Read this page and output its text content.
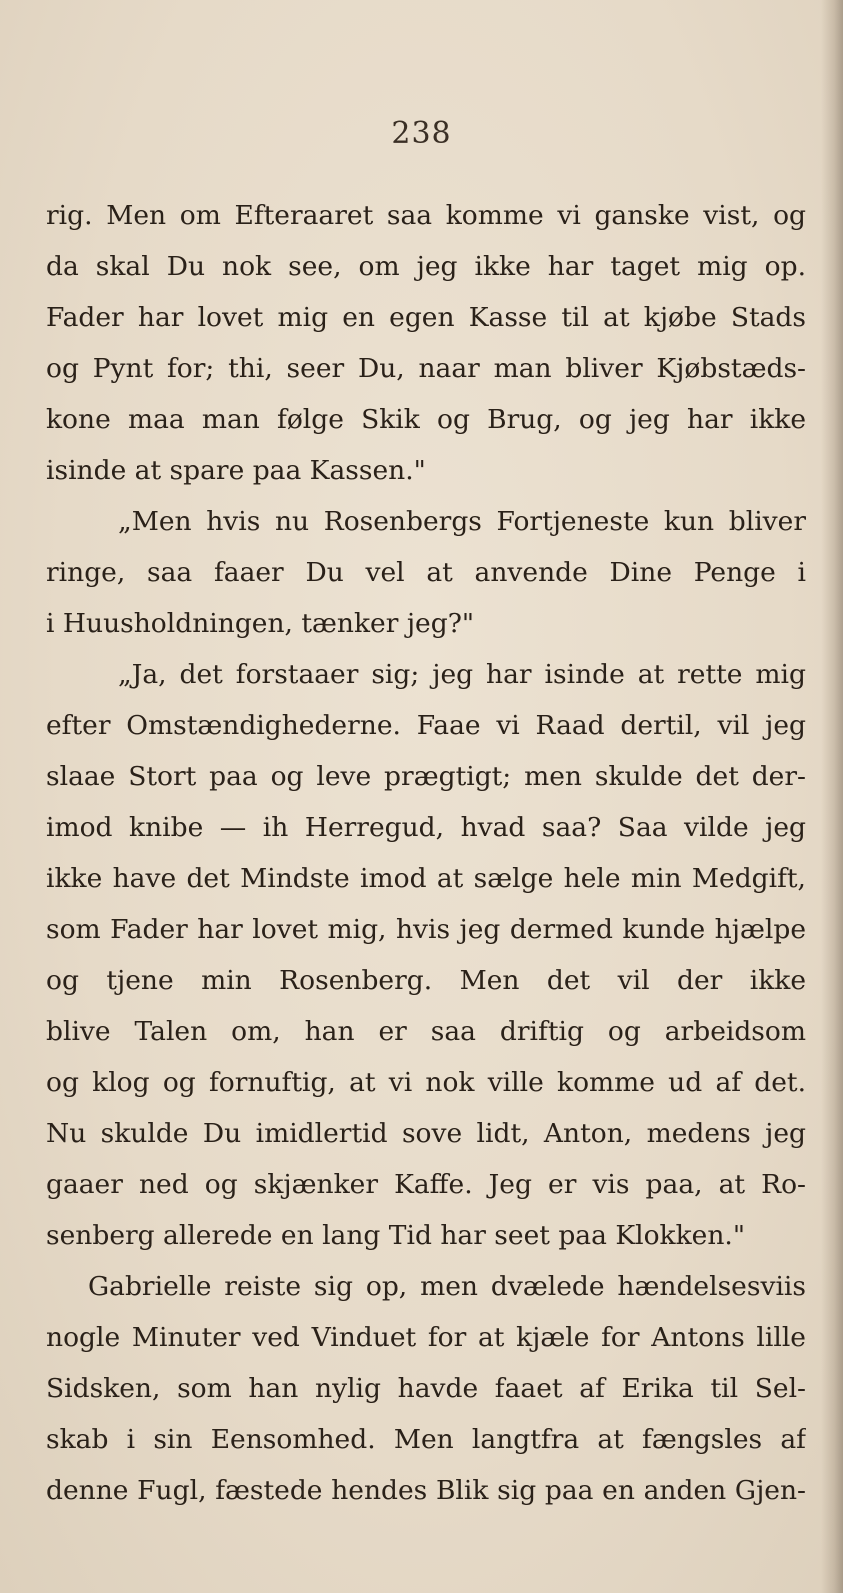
238
rig. Men om Efteraaret saa komme vi ganske vist, og
da skal Du nok see, om jeg ikke har taget mig op.
Fader har lovet mig en egen Kasse til at kjøbe Stads
og Pynt for; thi, seer Du, naar man bliver Kjøbstæds-
kone maa man følge Skik og Brug, og jeg har ikke
isinde at spare paa Kassen."
„Men hvis nu Rosenbergs Fortjeneste kun bliver
ringe, saa faaer Du vel at anvende Dine Penge i
i Huusholdningen, tænker jeg?"
„Ja, det forstaaer sig; jeg har isinde at rette mig
efter Omstændighederne. Faae vi Raad dertil, vil jeg
slaae Stort paa og leve prægtigt; men skulde det der-
imod knibe — ih Herregud, hvad saa? Saa vilde jeg
ikke have det Mindste imod at sælge hele min Medgift,
som Fader har lovet mig, hvis jeg dermed kunde hjælpe
og tjene min Rosenberg. Men det vil der ikke
blive Talen om, han er saa driftig og arbeidsom
og klog og fornuftig, at vi nok ville komme ud af det.
Nu skulde Du imidlertid sove lidt, Anton, medens jeg
gaaer ned og skjænker Kaffe. Jeg er vis paa, at Ro-
senberg allerede en lang Tid har seet paa Klokken."
Gabrielle reiste sig op, men dvælede hændelsesviis
nogle Minuter ved Vinduet for at kjæle for Antons lille
Sidsken, som han nylig havde faaet af Erika til Sel-
skab i sin Eensomhed. Men langtfra at fængsles af
denne Fugl, fæstede hendes Blik sig paa en anden Gjen-
